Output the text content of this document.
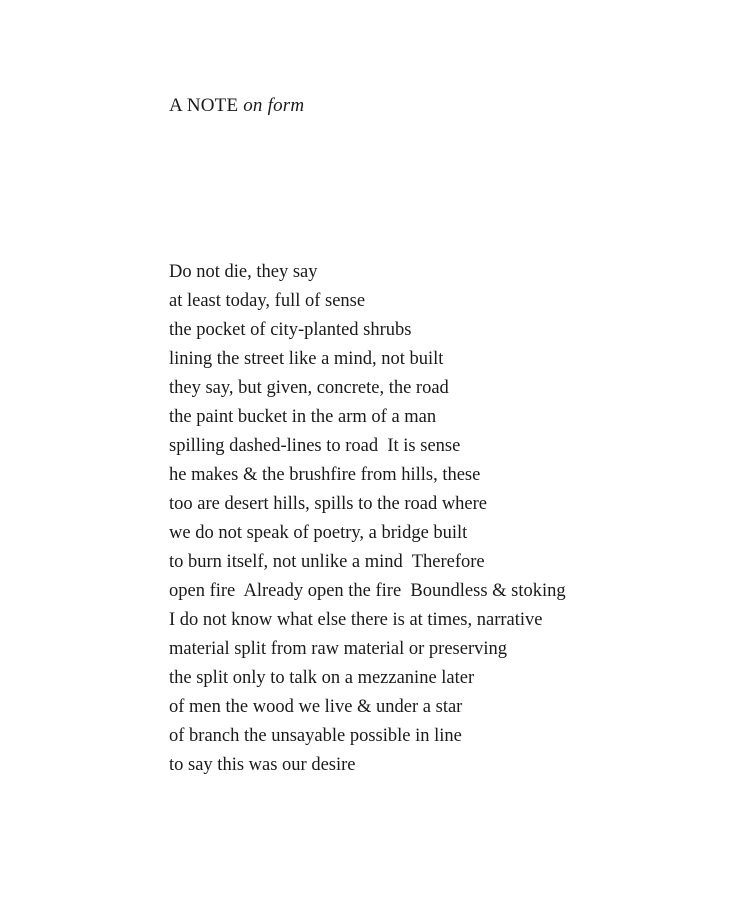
A NOTE on form
Do not die, they say
at least today, full of sense
the pocket of city-planted shrubs
lining the street like a mind, not built
they say, but given, concrete, the road
the paint bucket in the arm of a man
spilling dashed-lines to road  It is sense
he makes & the brushfire from hills, these
too are desert hills, spills to the road where
we do not speak of poetry, a bridge built
to burn itself, not unlike a mind  Therefore
open fire  Already open the fire  Boundless & stoking
I do not know what else there is at times, narrative
material split from raw material or preserving
the split only to talk on a mezzanine later
of men the wood we live & under a star
of branch the unsayable possible in line
to say this was our desire
